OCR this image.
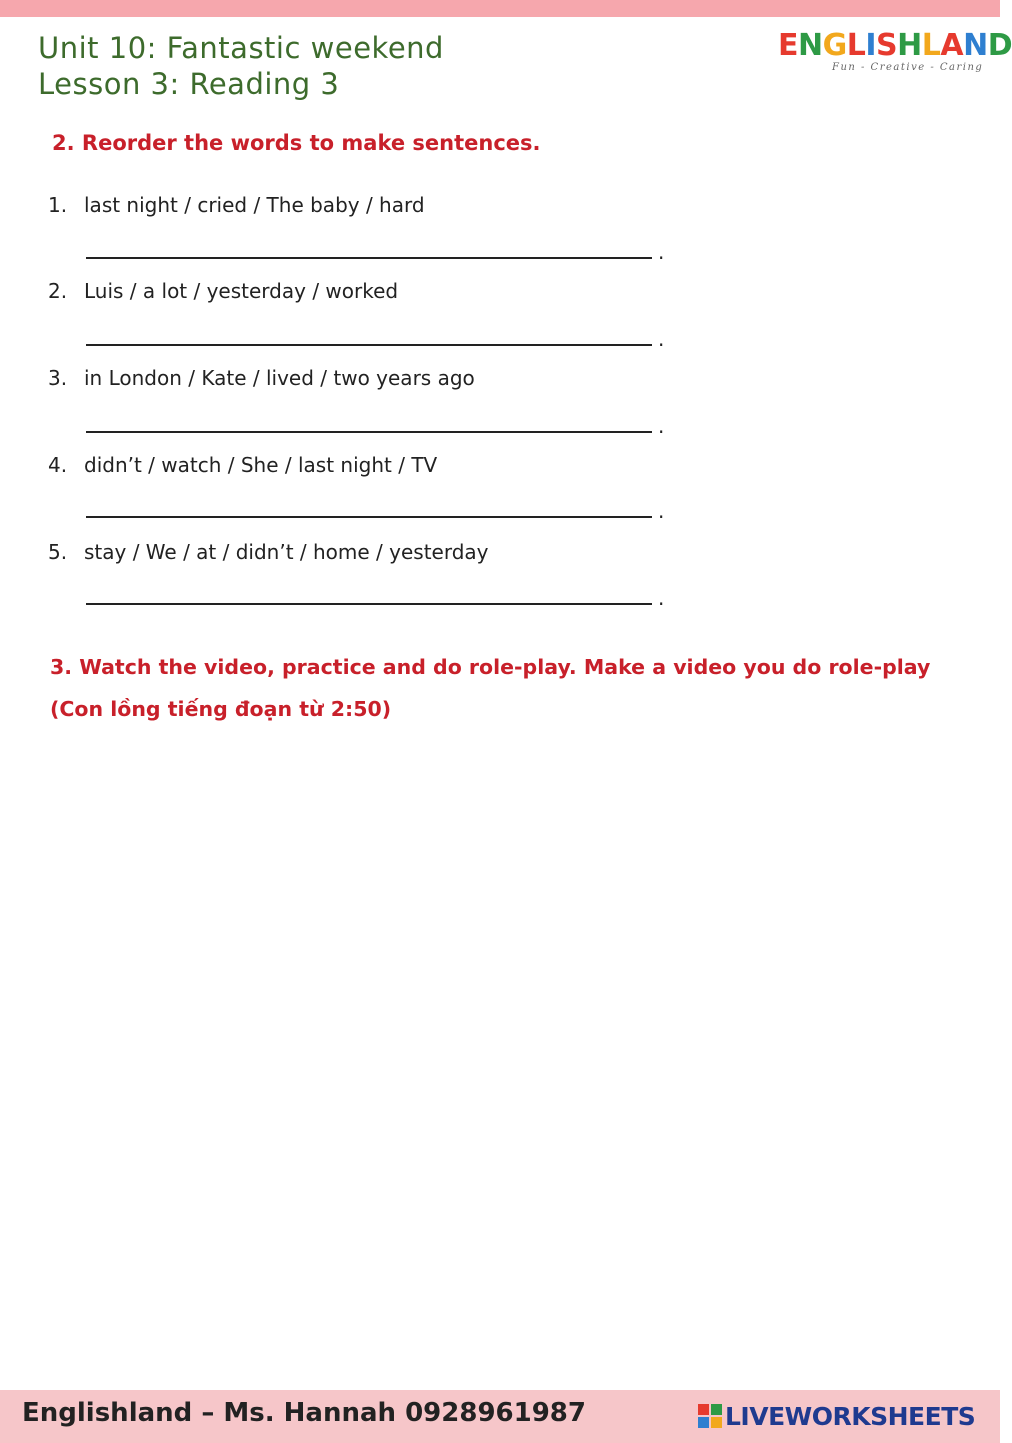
Unit 10: Fantastic weekend
Lesson 3: Reading 3
ENGLISHLAND
Fun - Creative - Caring
2. Reorder the words to make sentences.
1. last night / cried / The baby / hard
.
2. Luis / a lot / yesterday / worked
.
3. in London / Kate / lived / two years ago
.
4. didn’t / watch / She / last night / TV
.
5. stay / We / at / didn’t / home / yesterday
.
3. Watch the video, practice and do role-play. Make a video you do role-play
(Con lồng tiếng đoạn từ 2:50)
Englishland – Ms. Hannah 0928961987	LIVEWORKSHEETS
